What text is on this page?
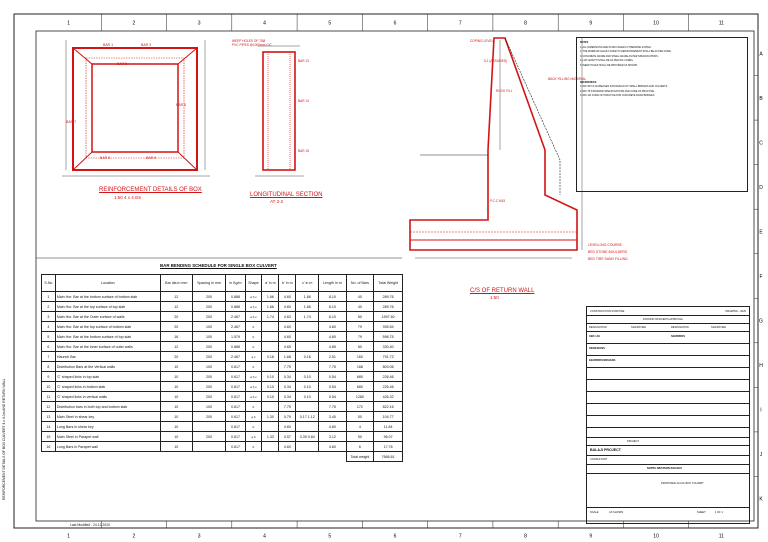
1
1
2
2
3
3
4
4
5
5
6
6
7
7
8
8
9
9
10
10
11
11
A
B
C
D
E
F
G
H
I
J
K
BAR 1	BAR 3
BAR 5
BAR 6
BAR 7
BAR 8	BAR 9
REINFORCEMENT DETAILS OF BOX
1:50 4 x 4.0m
WEEP HOLES OF 75Ø
PVC PIPES @1000mm C/C
BAR 13
BAR 14
BAR 15
LONGITUDINAL SECTION
AT 2-2
COPING LEVEL
5.1 (ASSUMED)
BACK FILLING MATERIAL
ROCK FILL
P.C.C M15
LEVELLING COURSE
BED STONE BOULDERS
BED TIRE SAND FILLING
C/S OF RETURN WALL
1:50
BAR BENDING SCHEDULE FOR SINGLE BOX CULVERT
S.No	Location	Bar dia in mm	Spacing in mm	in Kg/m	Shape	a' in m	b' in m	c' in m	Length in m	No. of Bars	Total Weight
1	Main Hor. Bar at the bottom surface of bottom slab	12	200	0.888	a b c	1.66	4.60	1.66	8.10	40	289.76
2	Main Hor. Bar at the top surface of top slab	12	200	0.888	a b c	1.66	4.60	1.66	8.10	40	289.76
3	Main Hor. Bar at the Outer surface of walls	20	200	2.467	a b c	1.74	4.63	1.74	8.10	80	1597.60
4	Main Hor. Bar at the top surface of bottom slab	20	100	2.467	b		4.60		4.60	79	935.54
5	Main Hor. Bar at the bottom surface of top slab	16	100	1.579	b		4.60		4.60	79	598.75
6	Main Hor. Bar at the inner surface of outer walls	12	200	0.888	b		4.65		4.65	80	330.40
7	Haunch Bar	20	200	2.467	a c	0.16	1.68	0.16	2.01	160	791.73
8	Distribution Bars at the Vertical walls	10	100	0.617	b		7.75		7.75	168	803.06
9	'C' shaped links in top slab	10	200	0.617	a b c	0.10	0.34	0.10	0.54	680	226.46
10	'C' shaped links in bottom slab	10	200	0.617	a b c	0.10	0.34	0.10	0.54	680	226.46
11	'C' shaped links in vertical walls	10	200	0.617	a b c	0.10	0.34	0.10	0.54	1280	426.32
12	Distribution bars in both top and bottom slab	10	100	0.617	b		7.75		7.75	172	822.16
13	Main Steel in shear key	10	200	0.617	a b	1.30	0.79	0.17 1.12	3.40	50	104.77
14	Long Bars in shear key	10		0.617	b		4.60		4.60	4	11.84
15	Main Steel in Parapet wall	10	200	0.617	a b	1.33	0.57	0.39 0.84	3.12	50	96.07
16	Long Bars in Parapet wall	10		0.617	b		4.60		4.60	6	17.76
										Total weight	7666.61

NOTES

1. ALL DIMENSIONS ARE IN MM UNLESS OTHERWISE STATED.

2. THE MINIMUM CLEAR COVER TO REINFORCEMENT SHALL BE AS PER CODE.

3. CONCRETE GRADE AND STEEL GRADE AS PER SPECIFICATIONS.

4. LAP LENGTH SHALL BE AS PER IRC CODES.

5. WEEP HOLES SHALL BE PROVIDED AS SHOWN.

REFERENCES

1. IRC:SP:13 GUIDELINES FOR DESIGN OF SMALL BRIDGES AND CULVERTS.

2. IRC:78 STANDARD SPECIFICATIONS AND CODE OF PRACTICE.

3. IRC:112 CODE OF PRACTICE FOR CONCRETE ROAD BRIDGES.

CONSTRUCTION PURPOSE	DRAWING - 2020
DIVISION OFFICER'S APPROVAL
DESIGNATION	SIGNATURE	DESIGNATION	SIGNATURE
XEN / AE	SE/WRRDS
SE/DESIGNS
EE/WRRDS/DESIGNS
PROJECT
BALAJI PROJECT
CONSULTANT
NORTH WESTERN RAILWAY
PROPOSED 4x4.0m BOX CULVERT
SCALE	AS SHOWN	SHEET	1 OF 1
REINFORCEMENT DETAILS OF BOX CULVERT 4 x 4.0m AND RETURN WALL
Last Modified : 24.12.2020
